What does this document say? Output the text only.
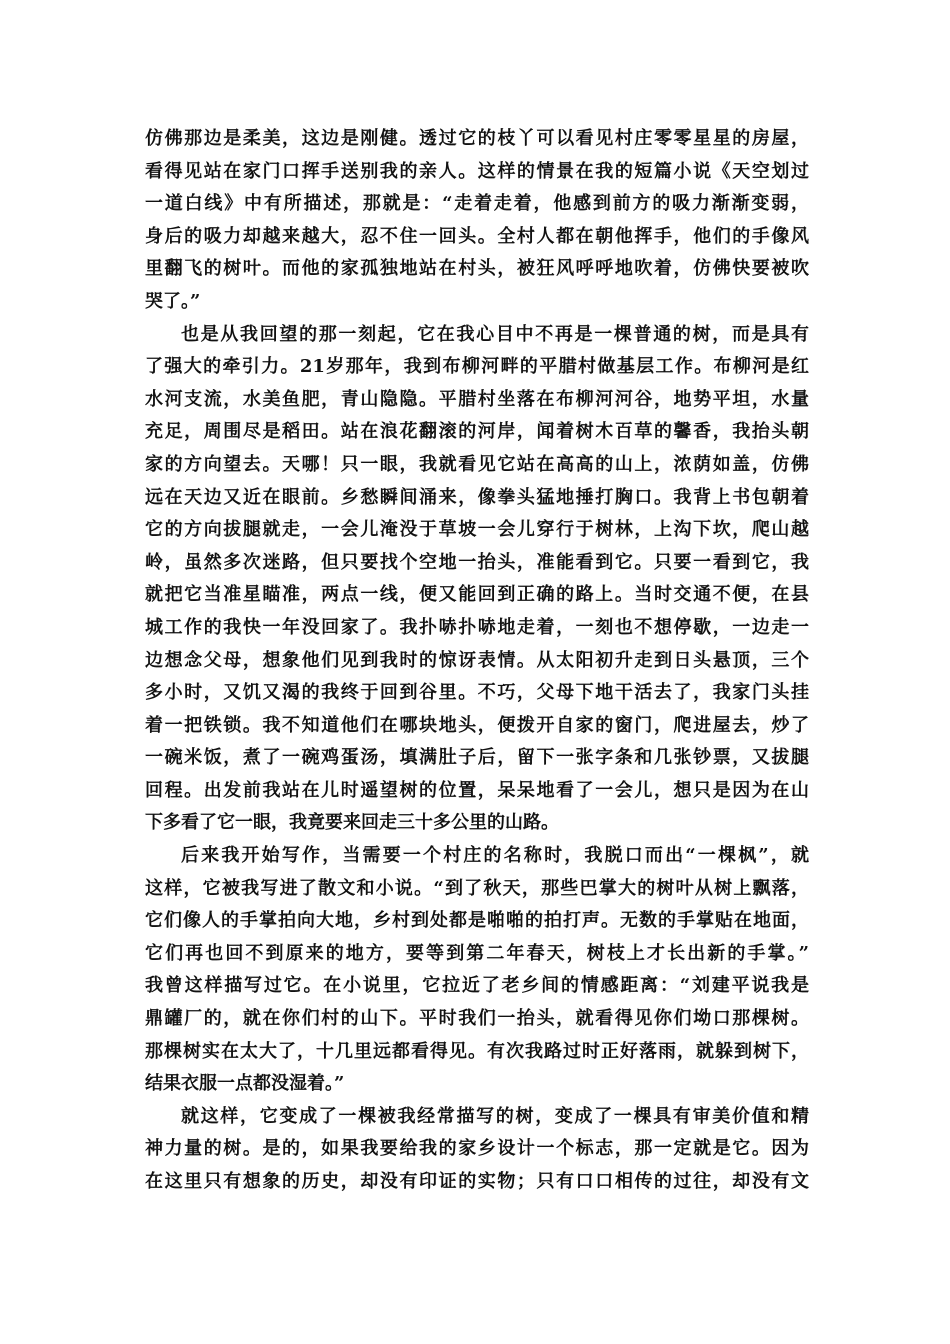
仿佛那边是柔美，这边是刚健。透过它的枝丫可以看见村庄零零星星的房屋，
看得见站在家门口挥手送别我的亲人。这样的情景在我的短篇小说《天空划过
一道白线》中有所描述，那就是：“走着走着，他感到前方的吸力渐渐变弱，
身后的吸力却越来越大，忍不住一回头。全村人都在朝他挥手，他们的手像风
里翻飞的树叶。而他的家孤独地站在村头，被狂风呼呼地吹着，仿佛快要被吹
哭了。”
也是从我回望的那一刻起，它在我心目中不再是一棵普通的树，而是具有
了强大的牵引力。21岁那年，我到布柳河畔的平腊村做基层工作。布柳河是红
水河支流，水美鱼肥，青山隐隐。平腊村坐落在布柳河河谷，地势平坦，水量
充足，周围尽是稻田。站在浪花翻滚的河岸，闻着树木百草的馨香，我抬头朝
家的方向望去。天哪！只一眼，我就看见它站在高高的山上，浓荫如盖，仿佛
远在天边又近在眼前。乡愁瞬间涌来，像拳头猛地捶打胸口。我背上书包朝着
它的方向拔腿就走，一会儿淹没于草坡一会儿穿行于树林，上沟下坎，爬山越
岭，虽然多次迷路，但只要找个空地一抬头，准能看到它。只要一看到它，我
就把它当准星瞄准，两点一线，便又能回到正确的路上。当时交通不便，在县
城工作的我快一年没回家了。我扑哧扑哧地走着，一刻也不想停歇，一边走一
边想念父母，想象他们见到我时的惊讶表情。从太阳初升走到日头悬顶，三个
多小时，又饥又渴的我终于回到谷里。不巧，父母下地干活去了，我家门头挂
着一把铁锁。我不知道他们在哪块地头，便拨开自家的窗门，爬进屋去，炒了
一碗米饭，煮了一碗鸡蛋汤，填满肚子后，留下一张字条和几张钞票，又拔腿
回程。出发前我站在儿时遥望树的位置，呆呆地看了一会儿，想只是因为在山
下多看了它一眼，我竟要来回走三十多公里的山路。
后来我开始写作，当需要一个村庄的名称时，我脱口而出“一棵枫”，就
这样，它被我写进了散文和小说。“到了秋天，那些巴掌大的树叶从树上飘落，
它们像人的手掌拍向大地，乡村到处都是啪啪的拍打声。无数的手掌贴在地面，
它们再也回不到原来的地方，要等到第二年春天，树枝上才长出新的手掌。”
我曾这样描写过它。在小说里，它拉近了老乡间的情感距离：“刘建平说我是
鼎罐厂的，就在你们村的山下。平时我们一抬头，就看得见你们坳口那棵树。
那棵树实在太大了，十几里远都看得见。有次我路过时正好落雨，就躲到树下，
结果衣服一点都没湿着。”
就这样，它变成了一棵被我经常描写的树，变成了一棵具有审美价值和精
神力量的树。是的，如果我要给我的家乡设计一个标志，那一定就是它。因为
在这里只有想象的历史，却没有印证的实物；只有口口相传的过往，却没有文
